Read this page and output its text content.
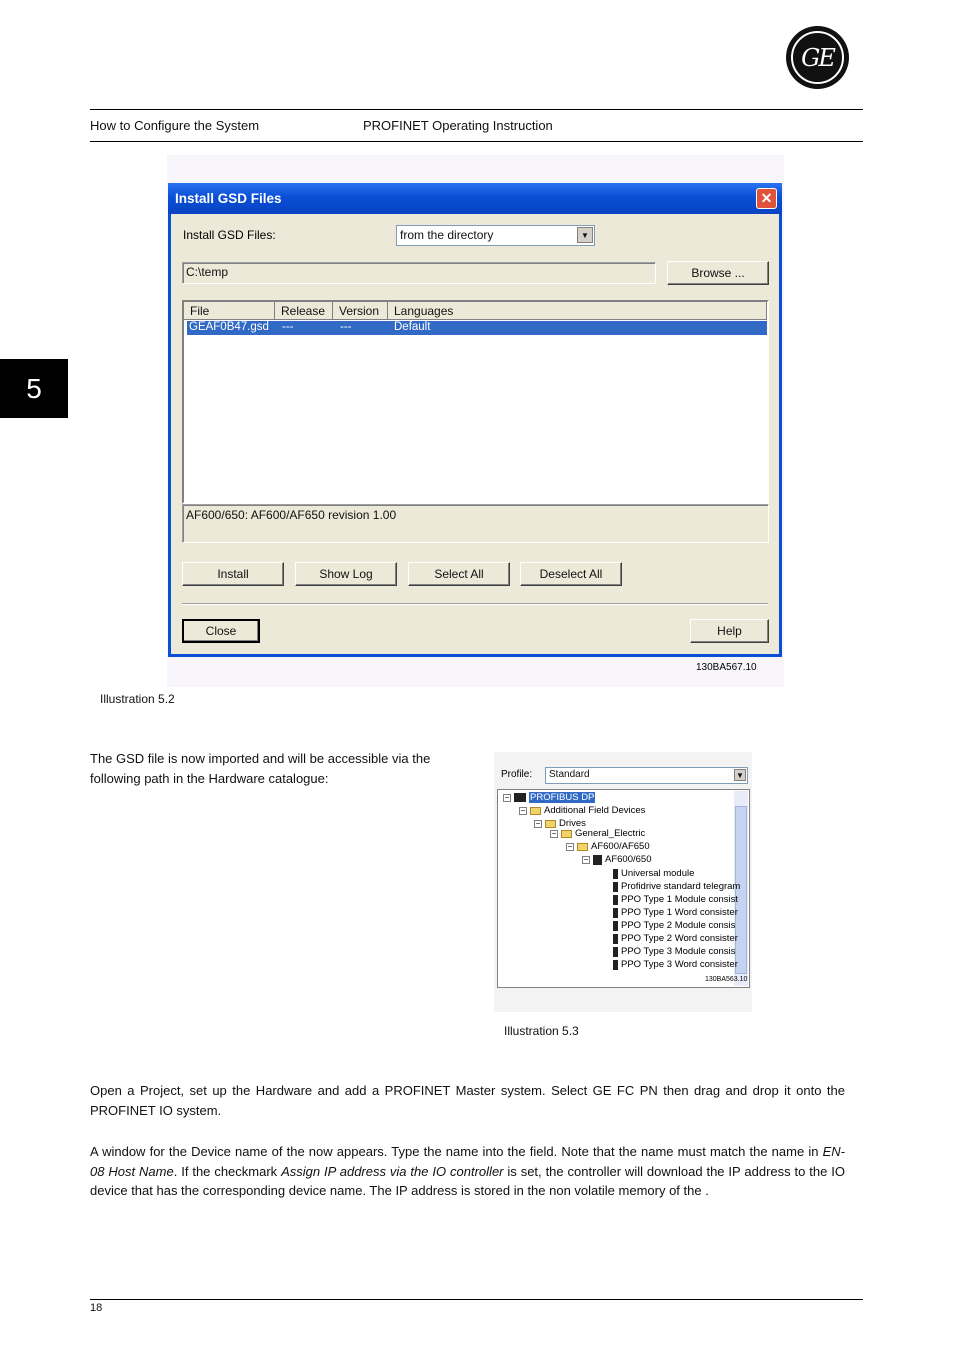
GE
How to Configure the System	PROFINET Operating Instruction
5
Install GSD Files	✕
Install GSD Files:	from the directory	▼
C:\temp	Browse ...
File	Release	Version	Languages
GEAF0B47.gsd ---	---	Default
AF600/650: AF600/AF650 revision 1.00
Install	Show Log	Select All	Deselect All
Close	Help
130BA567.10
Illustration 5.2
The GSD file is now imported and will be accessible via the following path in the Hardware catalogue:	Profile:	Standard	▼
− PROFIBUS DP
− Additional Field Devices
− Drives
− General_Electric
− AF600/AF650
− AF600/650
Universal module
Profidrive standard telegram
PPO Type 1 Module consist
PPO Type 1 Word consister
PPO Type 2 Module consis
PPO Type 2 Word consister
PPO Type 3 Module consis
PPO Type 3 Word consister
130BA563.10
Illustration 5.3
Open a Project, set up the Hardware and add a PROFINET Master system. Select GE FC PN then drag and drop it onto the PROFINET IO system.
A window for the Device name of the now appears. Type the name into the field. Note that the name must match the name in EN-08 Host Name. If the checkmark Assign IP address via the IO controller is set, the controller will download the IP address to the IO device that has the corresponding device name. The IP address is stored in the non volatile memory of the .
18
